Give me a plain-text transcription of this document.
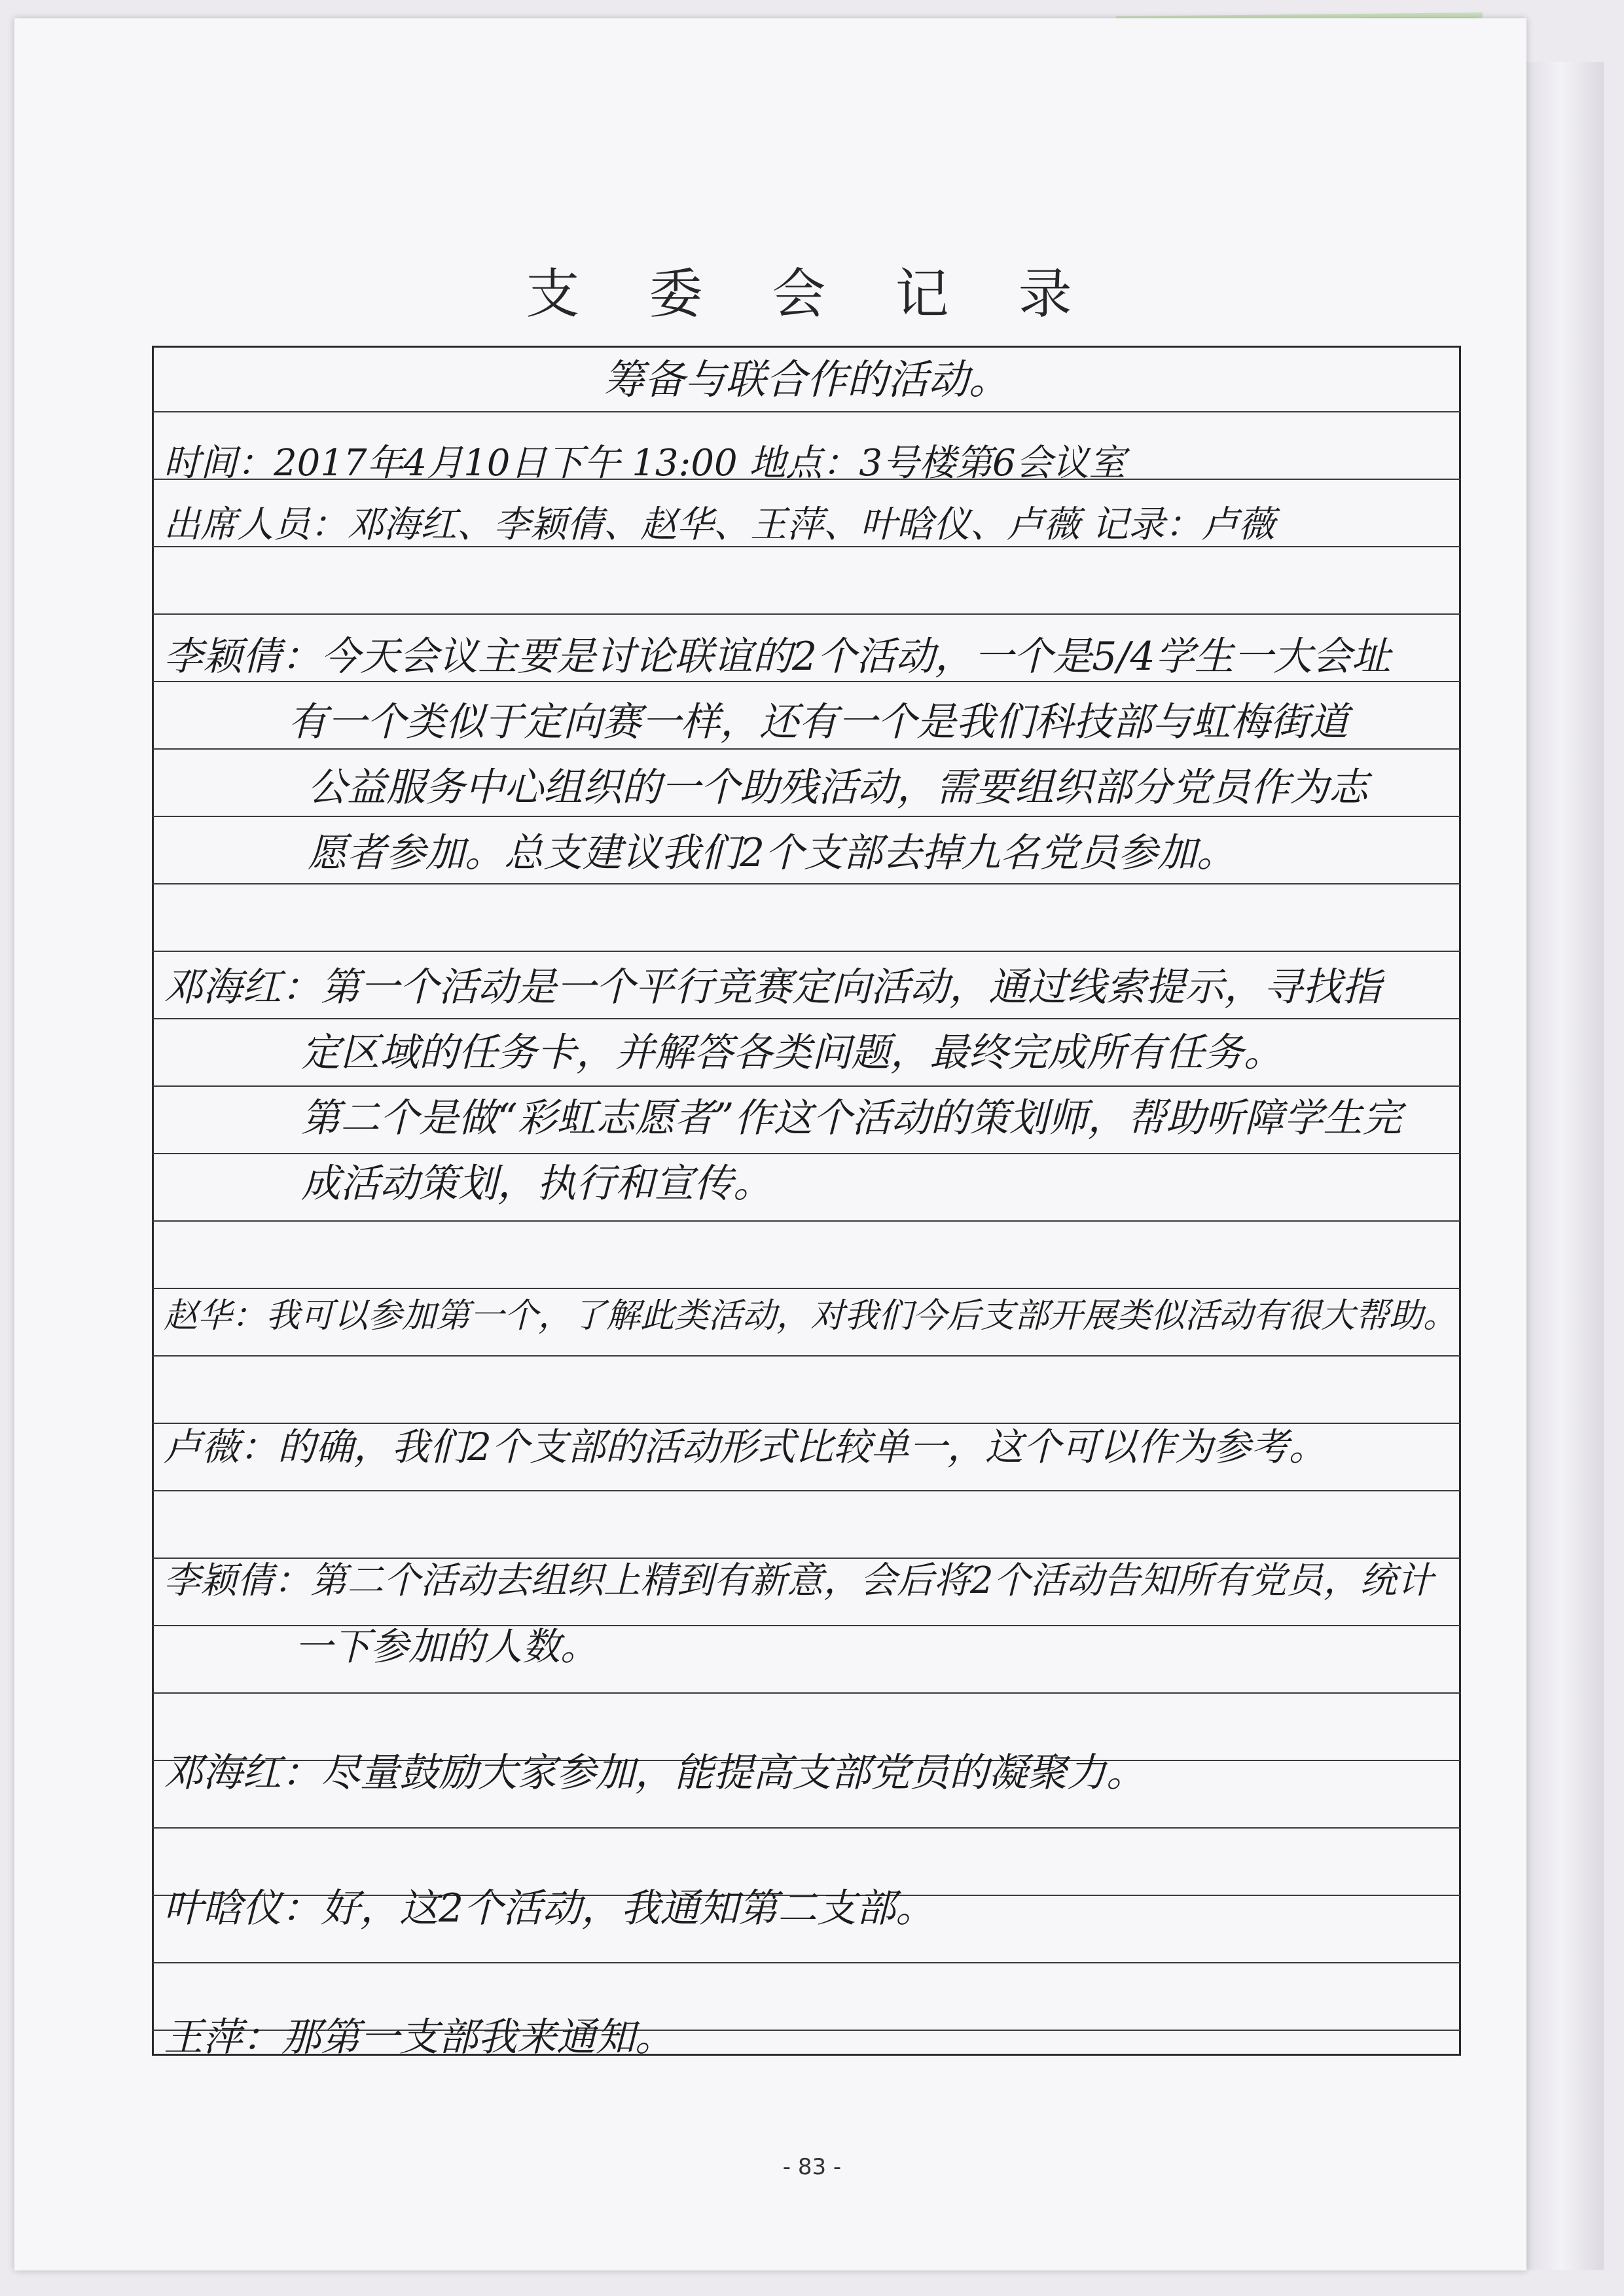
支 委 会 记 录
筹备与联合作的活动。
时间：2017年4月10日下午 13:00 地点：3号楼第6会议室
出席人员：邓海红、李颖倩、赵华、王萍、叶晗仪、卢薇 记录：卢薇
李颖倩：今天会议主要是讨论联谊的2个活动，一个是5/4学生一大会址
有一个类似于定向赛一样，还有一个是我们科技部与虹梅街道
公益服务中心组织的一个助残活动，需要组织部分党员作为志
愿者参加。总支建议我们2个支部去掉九名党员参加。
邓海红：第一个活动是一个平行竞赛定向活动，通过线索提示，寻找指
定区域的任务卡，并解答各类问题，最终完成所有任务。
第二个是做“彩虹志愿者”作这个活动的策划师，帮助听障学生完
成活动策划，执行和宣传。
赵华：我可以参加第一个，了解此类活动，对我们今后支部开展类似活动有很大帮助。
卢薇：的确，我们2个支部的活动形式比较单一，这个可以作为参考。
李颖倩：第二个活动去组织上精到有新意，会后将2个活动告知所有党员，统计
一下参加的人数。
邓海红：尽量鼓励大家参加，能提高支部党员的凝聚力。
叶晗仪：好，这2个活动，我通知第二支部。
王萍：那第一支部我来通知。
- 83 -
